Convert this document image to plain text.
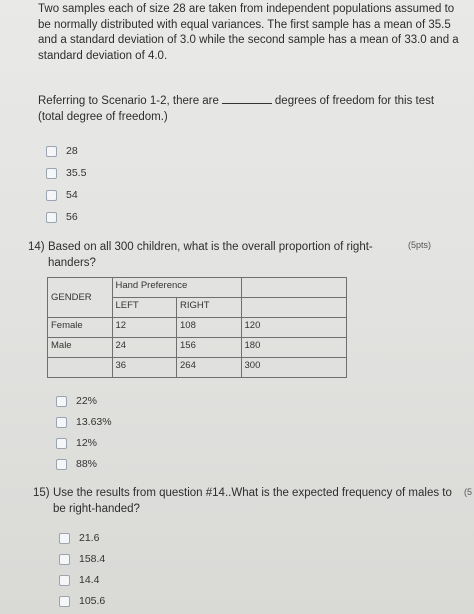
Two samples each of size 28 are taken from independent populations assumed to be normally distributed with equal variances. The first sample has a mean of 35.5 and a standard deviation of 3.0 while the second sample has a mean of 33.0 and a standard deviation of 4.0.
Referring to Scenario 1-2, there are	degrees of freedom for this test
(total degree of freedom.)
28
35.5
54
56
14) Based on all 300 children, what is the overall proportion of right-handers?
(5pts)
GENDER	Hand Preference		
	LEFT	RIGHT	
Female	12	108	120
Male	24	156	180
	36	264	300
22%
13.63%
12%
88%
15) Use the results from question #14..What is the expected frequency of males to be right-handed?
(5
21.6
158.4
14.4
105.6
